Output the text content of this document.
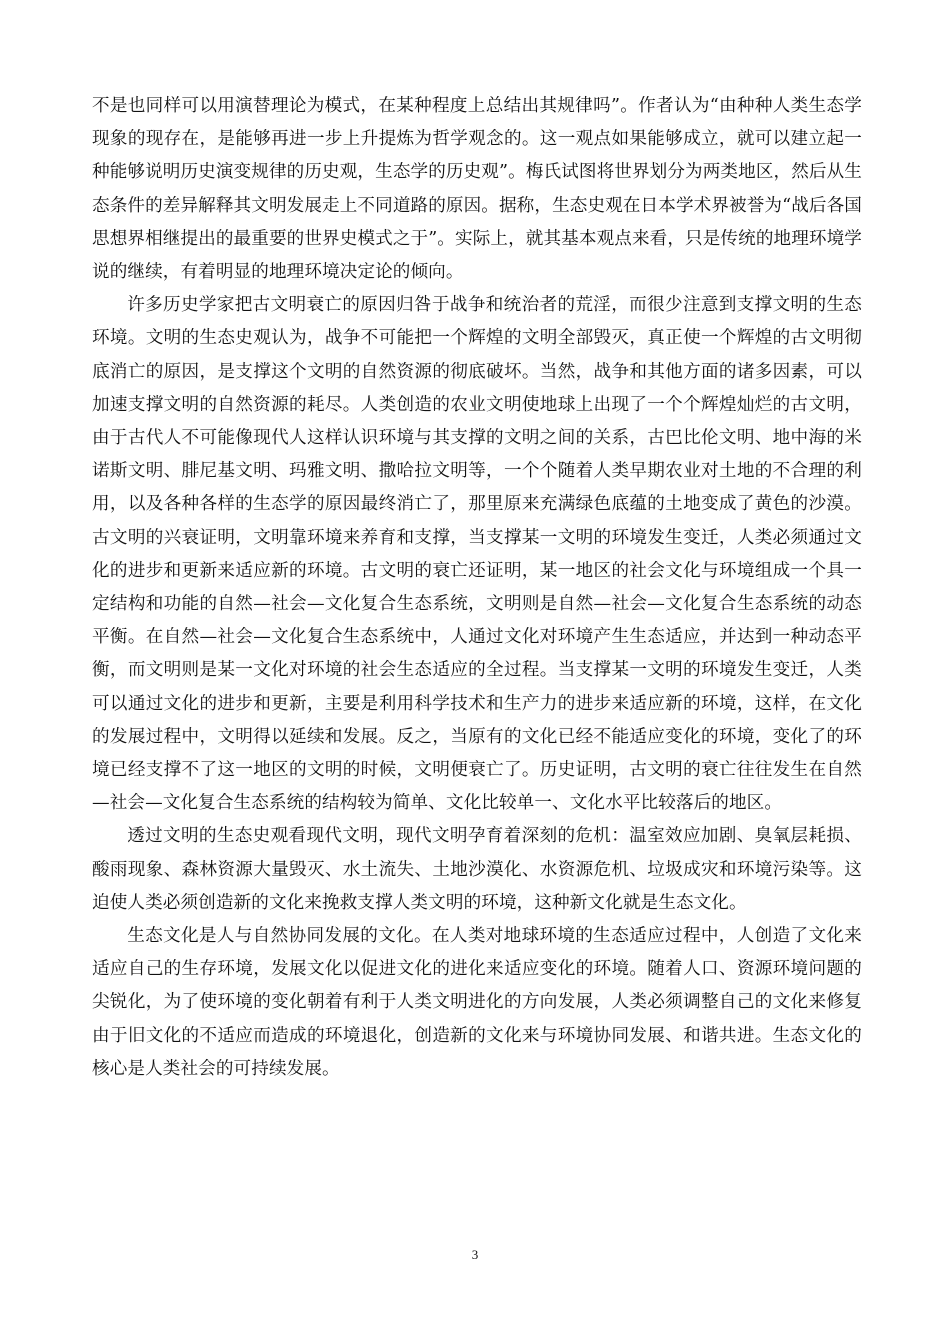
不是也同样可以用演替理论为模式，在某种程度上总结出其规律吗”。作者认为“由种种人类生态学现象的现存在，是能够再进一步上升提炼为哲学观念的。这一观点如果能够成立，就可以建立起一种能够说明历史演变规律的历史观，生态学的历史观”。梅氏试图将世界划分为两类地区，然后从生态条件的差异解释其文明发展走上不同道路的原因。据称，生态史观在日本学术界被誉为“战后各国思想界相继提出的最重要的世界史模式之于”。实际上，就其基本观点来看，只是传统的地理环境学说的继续，有着明显的地理环境决定论的倾向。

许多历史学家把古文明衰亡的原因归咎于战争和统治者的荒淫，而很少注意到支撑文明的生态环境。文明的生态史观认为，战争不可能把一个辉煌的文明全部毁灭，真正使一个辉煌的古文明彻底消亡的原因，是支撑这个文明的自然资源的彻底破坏。当然，战争和其他方面的诸多因素，可以加速支撑文明的自然资源的耗尽。人类创造的农业文明使地球上出现了一个个辉煌灿烂的古文明，由于古代人不可能像现代人这样认识环境与其支撑的文明之间的关系，古巴比伦文明、地中海的米诺斯文明、腓尼基文明、玛雅文明、撒哈拉文明等，一个个随着人类早期农业对土地的不合理的利用，以及各种各样的生态学的原因最终消亡了，那里原来充满绿色底蕴的土地变成了黄色的沙漠。古文明的兴衰证明，文明靠环境来养育和支撑，当支撑某一文明的环境发生变迁，人类必须通过文化的进步和更新来适应新的环境。古文明的衰亡还证明，某一地区的社会文化与环境组成一个具一定结构和功能的自然—社会—文化复合生态系统，文明则是自然—社会—文化复合生态系统的动态平衡。在自然—社会—文化复合生态系统中，人通过文化对环境产生生态适应，并达到一种动态平衡，而文明则是某一文化对环境的社会生态适应的全过程。当支撑某一文明的环境发生变迁，人类可以通过文化的进步和更新，主要是利用科学技术和生产力的进步来适应新的环境，这样，在文化的发展过程中，文明得以延续和发展。反之，当原有的文化已经不能适应变化的环境，变化了的环境已经支撑不了这一地区的文明的时候，文明便衰亡了。历史证明，古文明的衰亡往往发生在自然—社会—文化复合生态系统的结构较为简单、文化比较单一、文化水平比较落后的地区。

透过文明的生态史观看现代文明，现代文明孕育着深刻的危机：温室效应加剧、臭氧层耗损、酸雨现象、森林资源大量毁灭、水土流失、土地沙漠化、水资源危机、垃圾成灾和环境污染等。这迫使人类必须创造新的文化来挽救支撑人类文明的环境，这种新文化就是生态文化。

生态文化是人与自然协同发展的文化。在人类对地球环境的生态适应过程中，人创造了文化来适应自己的生存环境，发展文化以促进文化的进化来适应变化的环境。随着人口、资源环境问题的尖锐化，为了使环境的变化朝着有利于人类文明进化的方向发展，人类必须调整自己的文化来修复由于旧文化的不适应而造成的环境退化，创造新的文化来与环境协同发展、和谐共进。生态文化的核心是人类社会的可持续发展。

3
